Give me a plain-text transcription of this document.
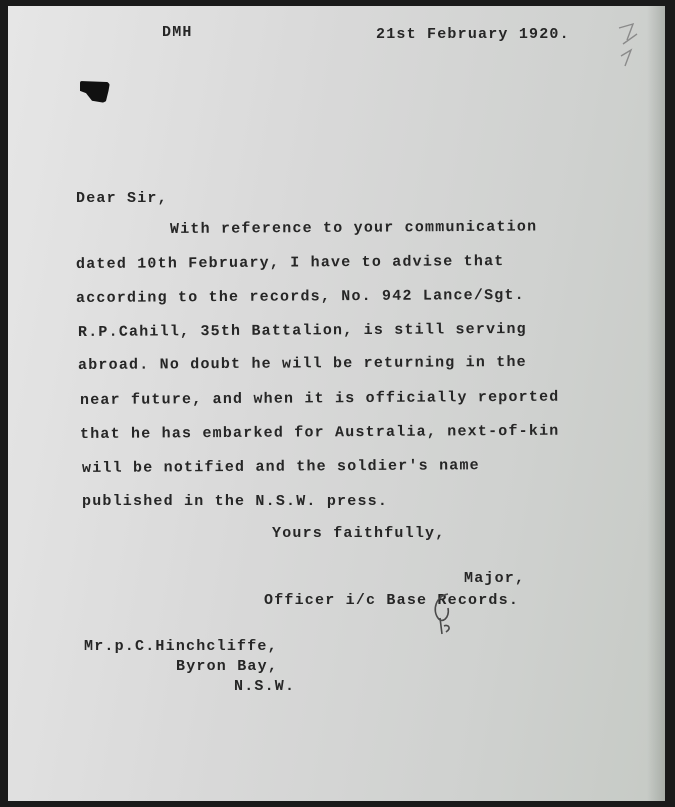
DMH	21st February 1920.
Dear Sir,
With reference to your communication
dated 10th February, I have to advise that
according to the records, No. 942 Lance/Sgt.
R.P.Cahill, 35th Battalion, is still serving
abroad. No doubt he will be returning in the
near future, and when it is officially reported
that he has embarked for Australia, next-of-kin
will be notified and the soldier's name
published in the N.S.W. press.
Yours faithfully,
Major,
Officer i/c Base Records.
Mr.p.C.Hinchcliffe,
Byron Bay,
N.S.W.
